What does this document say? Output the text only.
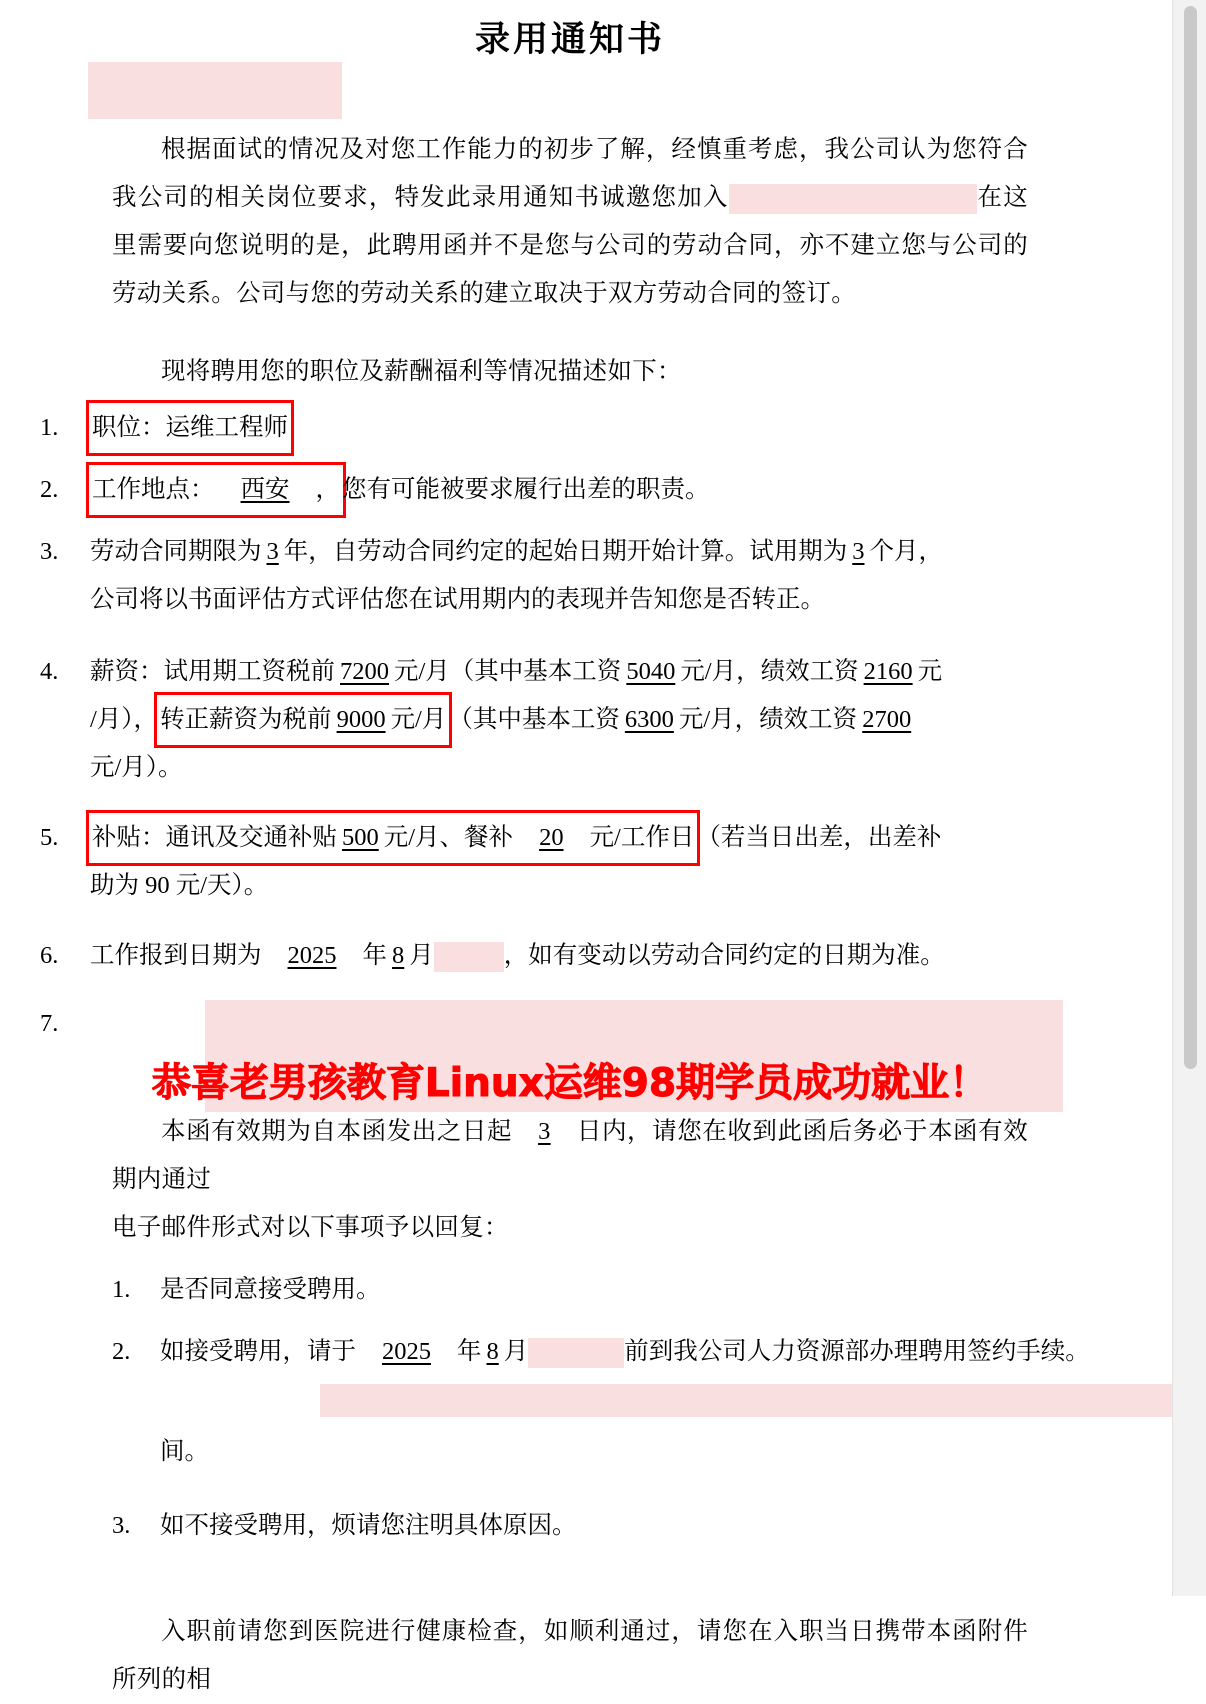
录用通知书

根据面试的情况及对您工作能力的初步了解，经慎重考虑，我公司认为您符合我公司的相关岗位要求，特发此录用通知书诚邀您加入	在这里需要向您说明的是，此聘用函并不是您与公司的劳动合同，亦不建立您与公司的劳动关系。公司与您的劳动关系的建立取决于双方劳动合同的签订。

现将聘用您的职位及薪酬福利等情况描述如下：

1.	职位：运维工程师
2.	工作地点： 西安 ，您有可能被要求履行出差的职责。
3.	劳动合同期限为 3 年，自劳动合同约定的起始日期开始计算。试用期为 3 个月，
公司将以书面评估方式评估您在试用期内的表现并告知您是否转正。
4.	薪资：试用期工资税前 7200 元/月（其中基本工资 5040 元/月，绩效工资 2160 元
/月），转正薪资为税前 9000 元/月（其中基本工资 6300 元/月，绩效工资 2700
元/月）。
5.	补贴：通讯及交通补贴 500 元/月、餐补 20 元/工作日（若当日出差，出差补
助为 90 元/天）。
6.	工作报到日期为 2025 年 8 月	，如有变动以劳动合同约定的日期为准。
7.
恭喜老男孩教育Linux运维98期学员成功就业！

本函有效期为自本函发出之日起 3 日内，请您在收到此函后务必于本函有效期内通过

电子邮件形式对以下事项予以回复：

1.	是否同意接受聘用。
2.	如接受聘用，请于 2025 年 8 月	前到我公司人力资源部办理聘用签约手续。
间。
3.	如不接受聘用，烦请您注明具体原因。

入职前请您到医院进行健康检查，如顺利通过，请您在入职当日携带本函附件所列的相
